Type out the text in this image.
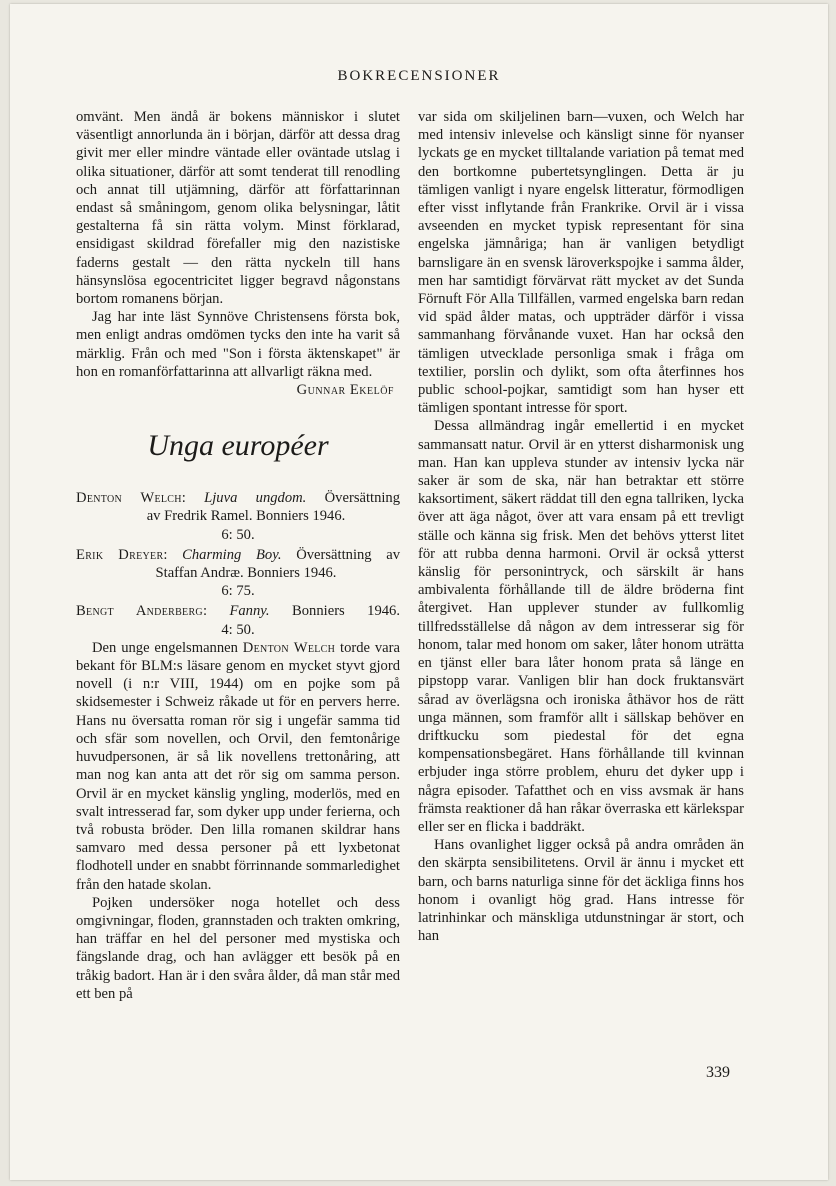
BOKRECENSIONER

omvänt. Men ändå är bokens människor i slutet väsentligt annorlunda än i början, därför att dessa drag givit mer eller mindre väntade eller oväntade utslag i olika situationer, därför att somt tenderat till renodling och annat till utjämning, därför att författarinnan endast så småningom, genom olika belysningar, låtit gestalterna få sin rätta volym. Minst förklarad, ensidigast skildrad förefaller mig den nazistiske faderns gestalt — den rätta nyckeln till hans hänsynslösa egocentricitet ligger begravd någonstans bortom romanens början.

Jag har inte läst Synnöve Christensens första bok, men enligt andras omdömen tycks den inte ha varit så märklig. Från och med "Son i första äktenskapet" är hon en romanförfattarinna att allvarligt räkna med.

Gunnar Ekelöf
Unga européer
Denton Welch: Ljuva ungdom. Översättning
av Fredrik Ramel. Bonniers 1946.
6: 50.
Erik Dreyer: Charming Boy. Översättning av
Staffan Andræ. Bonniers 1946.
6: 75.
Bengt Anderberg: Fanny. Bonniers 1946.
4: 50.

Den unge engelsmannen Denton Welch torde vara bekant för BLM:s läsare genom en mycket styvt gjord novell (i n:r VIII, 1944) om en pojke som på skidsemester i Schweiz råkade ut för en pervers herre. Hans nu översatta roman rör sig i ungefär samma tid och sfär som novellen, och Orvil, den femtonårige huvudpersonen, är så lik novellens trettonåring, att man nog kan anta att det rör sig om samma person. Orvil är en mycket känslig yngling, moderlös, med en svalt intresserad far, som dyker upp under ferierna, och två robusta bröder. Den lilla romanen skildrar hans samvaro med dessa personer på ett lyxbetonat flodhotell under en snabbt förrinnande sommarledighet från den hatade skolan.

Pojken undersöker noga hotellet och dess omgivningar, floden, grannstaden och trakten omkring, han träffar en hel del personer med mystiska och fängslande drag, och han avlägger ett besök på en tråkig badort. Han är i den svåra ålder, då man står med ett ben på

var sida om skiljelinen barn—vuxen, och Welch har med intensiv inlevelse och känsligt sinne för nyanser lyckats ge en mycket tilltalande variation på temat med den bortkomne pubertetsynglingen. Detta är ju tämligen vanligt i nyare engelsk litteratur, förmodligen efter visst inflytande från Frankrike. Orvil är i vissa avseenden en mycket typisk representant för sina engelska jämnåriga; han är vanligen betydligt barnsligare än en svensk läroverkspojke i samma ålder, men har samtidigt förvärvat rätt mycket av det Sunda Förnuft För Alla Tillfällen, varmed engelska barn redan vid späd ålder matas, och uppträder därför i vissa sammanhang förvånande vuxet. Han har också den tämligen utvecklade personliga smak i fråga om textilier, porslin och dylikt, som ofta återfinnes hos public school-pojkar, samtidigt som han hyser ett tämligen spontant intresse för sport.

Dessa allmändrag ingår emellertid i en mycket sammansatt natur. Orvil är en ytterst disharmonisk ung man. Han kan uppleva stunder av intensiv lycka när saker är som de ska, när han betraktar ett större kaksortiment, säkert räddat till den egna tallriken, lycka över att äga något, över att vara ensam på ett trevligt ställe och känna sig frisk. Men det behövs ytterst litet för att rubba denna harmoni. Orvil är också ytterst känslig för personintryck, och särskilt är hans ambivalenta förhållande till de äldre bröderna fint återgivet. Han upplever stunder av fullkomlig tillfredsställelse då någon av dem intresserar sig för honom, talar med honom om saker, låter honom uträtta en tjänst eller bara låter honom prata så länge en pipstopp varar. Vanligen blir han dock fruktansvärt sårad av överlägsna och ironiska åthävor hos de rätt unga männen, som framför allt i sällskap behöver en driftkucku som piedestal för det egna kompensationsbegäret. Hans förhållande till kvinnan erbjuder inga större problem, ehuru det dyker upp i några episoder. Tafatthet och en viss avsmak är hans främsta reaktioner då han råkar överraska ett kärlekspar eller ser en flicka i baddräkt.

Hans ovanlighet ligger också på andra områden än den skärpta sensibilitetens. Orvil är ännu i mycket ett barn, och barns naturliga sinne för det äckliga finns hos honom i ovanligt hög grad. Hans intresse för latrinhinkar och mänskliga utdunstningar är stort, och han

339
